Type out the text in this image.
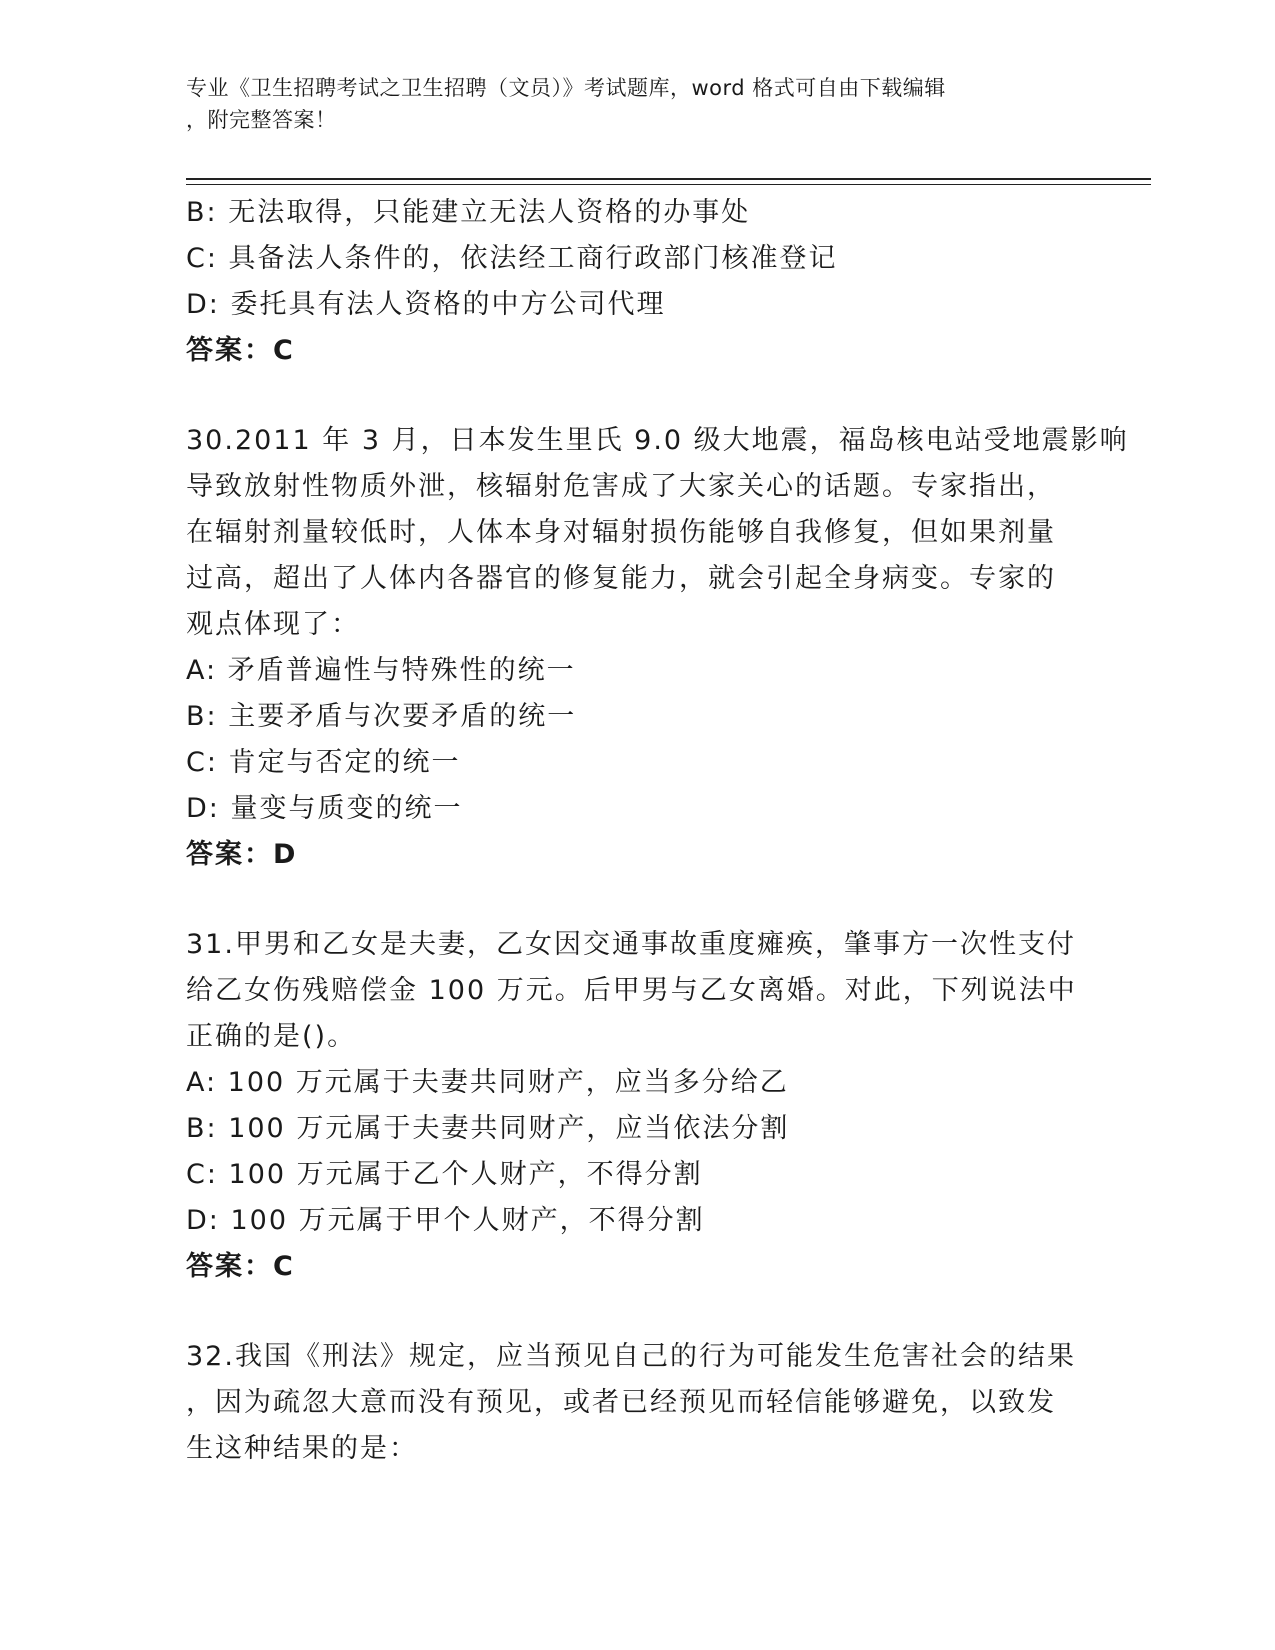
专业《卫生招聘考试之卫生招聘（文员）》考试题库，word 格式可自由下载编辑
，附完整答案！
B: 无法取得，只能建立无法人资格的办事处
C: 具备法人条件的，依法经工商行政部门核准登记
D: 委托具有法人资格的中方公司代理
答案：C
30.2011 年 3 月，日本发生里氏 9.0 级大地震，福岛核电站受地震影响
导致放射性物质外泄，核辐射危害成了大家关心的话题。专家指出，
在辐射剂量较低时，人体本身对辐射损伤能够自我修复，但如果剂量
过高，超出了人体内各器官的修复能力，就会引起全身病变。专家的
观点体现了：
A: 矛盾普遍性与特殊性的统一
B: 主要矛盾与次要矛盾的统一
C: 肯定与否定的统一
D: 量变与质变的统一
答案：D
31.甲男和乙女是夫妻，乙女因交通事故重度瘫痪，肇事方一次性支付
给乙女伤残赔偿金 100 万元。后甲男与乙女离婚。对此，下列说法中
正确的是()。
A: 100 万元属于夫妻共同财产，应当多分给乙
B: 100 万元属于夫妻共同财产，应当依法分割
C: 100 万元属于乙个人财产，不得分割
D: 100 万元属于甲个人财产，不得分割
答案：C
32.我国《刑法》规定，应当预见自己的行为可能发生危害社会的结果
，因为疏忽大意而没有预见，或者已经预见而轻信能够避免，以致发
生这种结果的是：
